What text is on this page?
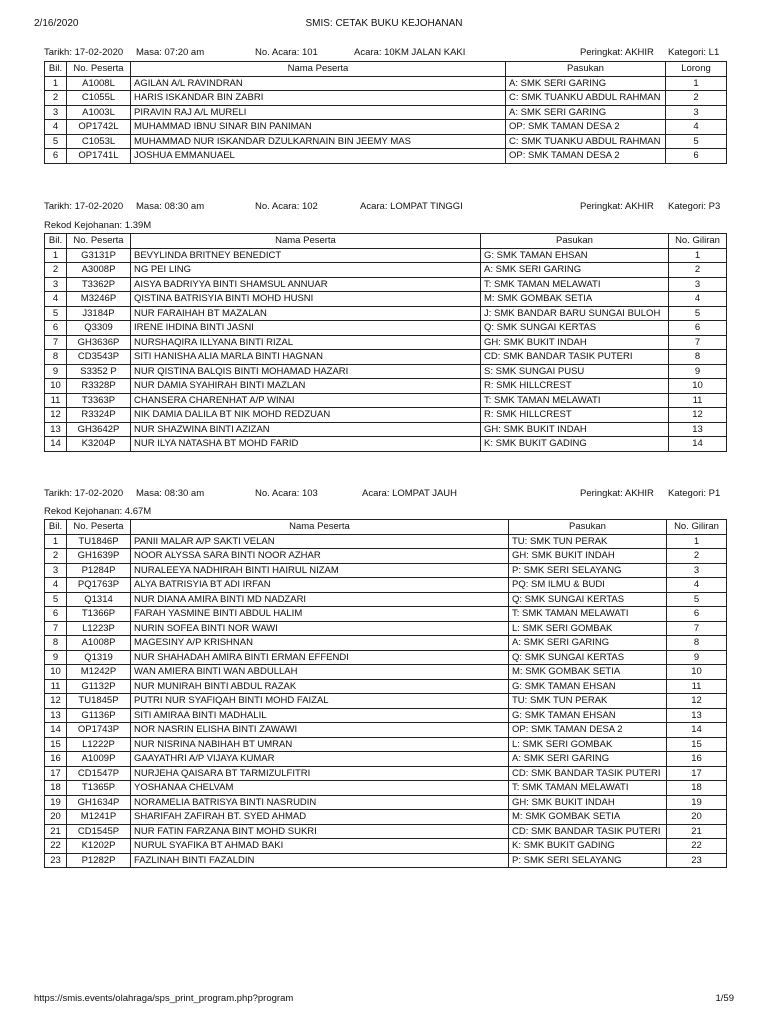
2/16/2020	SMIS: CETAK BUKU KEJOHANAN
Tarikh: 17-02-2020 Masa: 07:20 am	No. Acara: 101	Acara: 10KM JALAN KAKI	Peringkat: AKHIR Kategori: L1
Bil.	No. Peserta	Nama Peserta	Pasukan	Lorong
1	A1008L	AGILAN A/L RAVINDRAN	A: SMK SERI GARING	1
2	C1055L	HARIS ISKANDAR BIN ZABRI	C: SMK TUANKU ABDUL RAHMAN	2
3	A1003L	PIRAVIN RAJ A/L MURELI	A: SMK SERI GARING	3
4	OP1742L	MUHAMMAD IBNU SINAR BIN PANIMAN	OP: SMK TAMAN DESA 2	4
5	C1053L	MUHAMMAD NUR ISKANDAR DZULKARNAIN BIN JEEMY MAS	C: SMK TUANKU ABDUL RAHMAN	5
6	OP1741L	JOSHUA EMMANUAEL	OP: SMK TAMAN DESA 2	6
Tarikh: 17-02-2020 Masa: 08:30 am	No. Acara: 102	Acara: LOMPAT TINGGI	Peringkat: AKHIR Kategori: P3
Rekod Kejohanan: 1.39M
Bil.	No. Peserta	Nama Peserta	Pasukan	No. Giliran
1	G3131P	BEVYLINDA BRITNEY BENEDICT	G: SMK TAMAN EHSAN	1
2	A3008P	NG PEI LING	A: SMK SERI GARING	2
3	T3362P	AISYA BADRIYYA BINTI SHAMSUL ANNUAR	T: SMK TAMAN MELAWATI	3
4	M3246P	QISTINA BATRISYIA BINTI MOHD HUSNI	M: SMK GOMBAK SETIA	4
5	J3184P	NUR FARAIHAH BT MAZALAN	J: SMK BANDAR BARU SUNGAI BULOH	5
6	Q3309	IRENE IHDINA BINTI JASNI	Q: SMK SUNGAI KERTAS	6
7	GH3636P	NURSHAQIRA ILLYANA BINTI RIZAL	GH: SMK BUKIT INDAH	7
8	CD3543P	SITI HANISHA ALIA MARLA BINTI HAGNAN	CD: SMK BANDAR TASIK PUTERI	8
9	S3352 P	NUR QISTINA BALQIS BINTI MOHAMAD HAZARI	S: SMK SUNGAI PUSU	9
10	R3328P	NUR DAMIA SYAHIRAH BINTI MAZLAN	R: SMK HILLCREST	10
11	T3363P	CHANSERA CHARENHAT A/P WINAI	T: SMK TAMAN MELAWATI	11
12	R3324P	NIK DAMIA DALILA BT NIK MOHD REDZUAN	R: SMK HILLCREST	12
13	GH3642P	NUR SHAZWINA BINTI AZIZAN	GH: SMK BUKIT INDAH	13
14	K3204P	NUR ILYA NATASHA BT MOHD FARID	K: SMK BUKIT GADING	14
Tarikh: 17-02-2020 Masa: 08:30 am	No. Acara: 103	Acara: LOMPAT JAUH	Peringkat: AKHIR Kategori: P1
Rekod Kejohanan: 4.67M
Bil.	No. Peserta	Nama Peserta	Pasukan	No. Giliran
1	TU1846P	PANII MALAR A/P SAKTI VELAN	TU: SMK TUN PERAK	1
2	GH1639P	NOOR ALYSSA SARA BINTI NOOR AZHAR	GH: SMK BUKIT INDAH	2
3	P1284P	NURALEEYA NADHIRAH BINTI HAIRUL NIZAM	P: SMK SERI SELAYANG	3
4	PQ1763P	ALYA BATRISYIA BT ADI IRFAN	PQ: SM ILMU & BUDI	4
5	Q1314	NUR DIANA AMIRA BINTI MD NADZARI	Q: SMK SUNGAI KERTAS	5
6	T1366P	FARAH YASMINE BINTI ABDUL HALIM	T: SMK TAMAN MELAWATI	6
7	L1223P	NURIN SOFEA BINTI NOR WAWI	L: SMK SERI GOMBAK	7
8	A1008P	MAGESINY A/P KRISHNAN	A: SMK SERI GARING	8
9	Q1319	NUR SHAHADAH AMIRA BINTI ERMAN EFFENDI	Q: SMK SUNGAI KERTAS	9
10	M1242P	WAN AMIERA BINTI WAN ABDULLAH	M: SMK GOMBAK SETIA	10
11	G1132P	NUR MUNIRAH BINTI ABDUL RAZAK	G: SMK TAMAN EHSAN	11
12	TU1845P	PUTRI NUR SYAFIQAH BINTI MOHD FAIZAL	TU: SMK TUN PERAK	12
13	G1136P	SITI AMIRAA BINTI MADHALIL	G: SMK TAMAN EHSAN	13
14	OP1743P	NOR NASRIN ELISHA BINTI ZAWAWI	OP: SMK TAMAN DESA 2	14
15	L1222P	NUR NISRINA NABIHAH BT UMRAN	L: SMK SERI GOMBAK	15
16	A1009P	GAAYATHRI A/P VIJAYA KUMAR	A: SMK SERI GARING	16
17	CD1547P	NURJEHA QAISARA BT TARMIZULFITRI	CD: SMK BANDAR TASIK PUTERI	17
18	T1365P	YOSHANAA CHELVAM	T: SMK TAMAN MELAWATI	18
19	GH1634P	NORAMELIA BATRISYA BINTI NASRUDIN	GH: SMK BUKIT INDAH	19
20	M1241P	SHARIFAH ZAFIRAH BT. SYED AHMAD	M: SMK GOMBAK SETIA	20
21	CD1545P	NUR FATIN FARZANA BINT MOHD SUKRI	CD: SMK BANDAR TASIK PUTERI	21
22	K1202P	NURUL SYAFIKA BT AHMAD BAKI	K: SMK BUKIT GADING	22
23	P1282P	FAZLINAH BINTI FAZALDIN	P: SMK SERI SELAYANG	23
https://smis.events/olahraga/sps_print_program.php?program	1/59
